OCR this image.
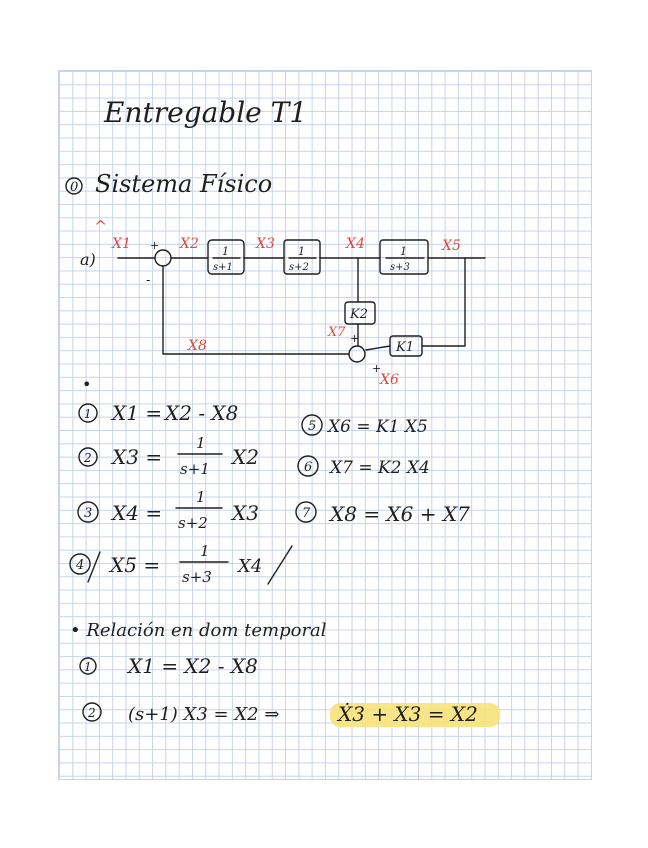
Entregable T1
0 Sistema Físico
a)
^
1
s+1
1
s+2
1
s+3
K2
K1
+
-
+
+
X1	X2	X3	X4	X5
X6
X7
X8
•
1 X1 = X2 - X8
2 X3 =
1
s+1 X2
3 X4 =
1
s+2 X3
4 X5 =
1
s+3 X4
5 X6 = K1 X5
6 X7 = K2 X4
7 X8 = X6 + X7
• Relación en dom temporal
1 X1 = X2 - X8
2 (s+1) X3 = X2 ⇒	Ẋ3 + X3 = X2
